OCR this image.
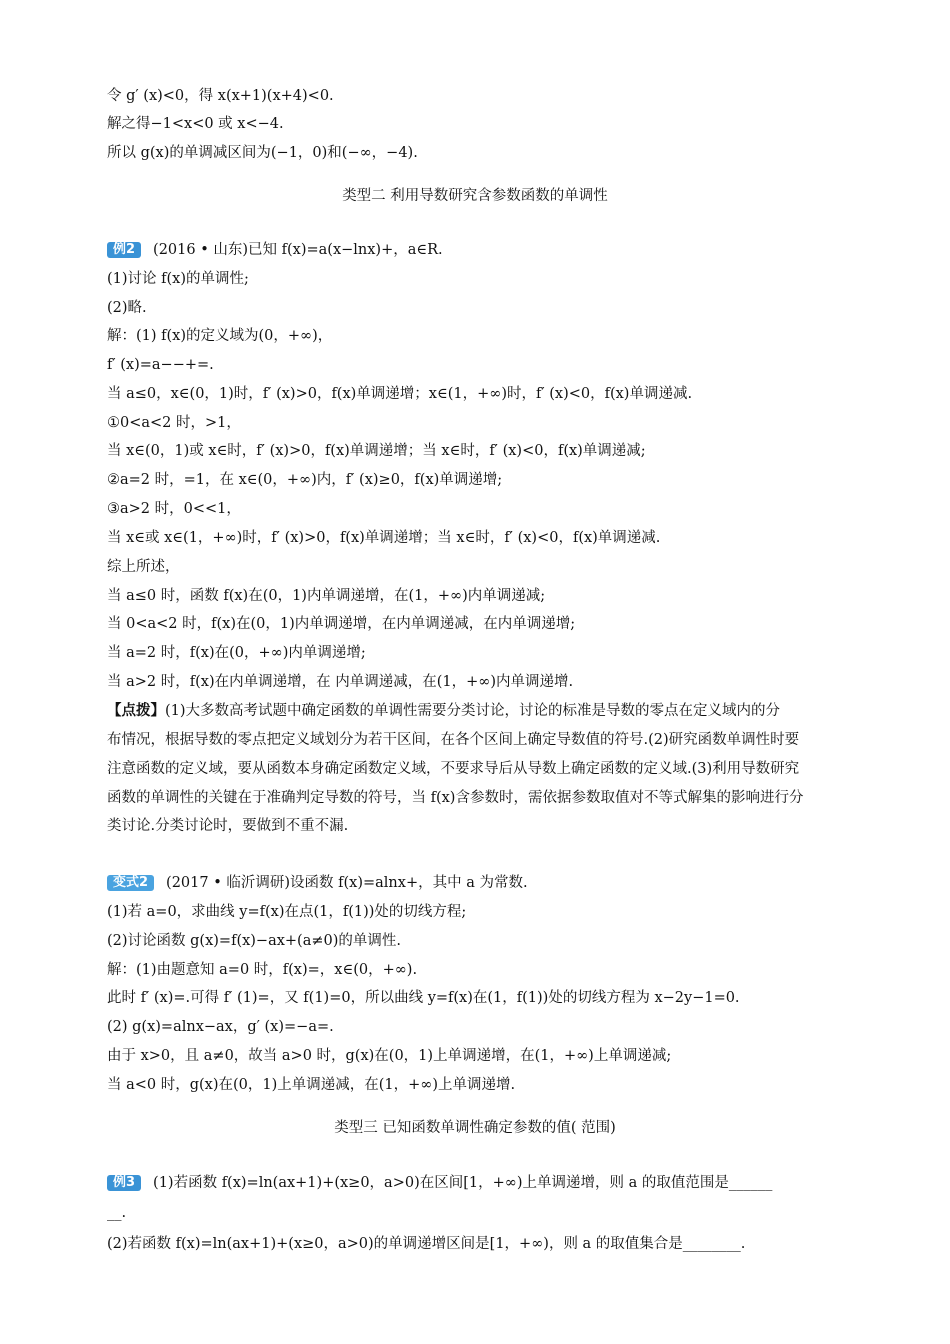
令 g′ (x)<0，得 x(x+1)(x+4)<0.
解之得−1<x<0 或 x<−4.
所以 g(x)的单调减区间为(−1，0)和(−∞，−4).
类型二 利用导数研究含参数函数的单调性
例2 (2016 • 山东)已知 f(x)=a(x−lnx)+，a∈R.
(1)讨论 f(x)的单调性;
(2)略.
解：(1) f(x)的定义域为(0，+∞)，
f′ (x)=a−−+=.
当 a≤0，x∈(0，1)时，f′ (x)>0，f(x)单调递增；x∈(1，+∞)时，f′ (x)<0，f(x)单调递减.
①0<a<2 时，>1，
当 x∈(0，1)或 x∈时，f′ (x)>0，f(x)单调递增；当 x∈时，f′ (x)<0，f(x)单调递减;
②a=2 时，=1，在 x∈(0，+∞)内，f′ (x)≥0，f(x)单调递增;
③a>2 时，0<<1，
当 x∈或 x∈(1，+∞)时，f′ (x)>0，f(x)单调递增；当 x∈时，f′ (x)<0，f(x)单调递减.
综上所述，
当 a≤0 时，函数 f(x)在(0，1)内单调递增，在(1，+∞)内单调递减;
当 0<a<2 时，f(x)在(0，1)内单调递增，在内单调递减，在内单调递增;
当 a=2 时，f(x)在(0，+∞)内单调递增;
当 a>2 时，f(x)在内单调递增，在 内单调递减，在(1，+∞)内单调递增.
【点拨】(1)大多数高考试题中确定函数的单调性需要分类讨论，讨论的标准是导数的零点在定义域内的分
布情况，根据导数的零点把定义域划分为若干区间，在各个区间上确定导数值的符号.(2)研究函数单调性时要
注意函数的定义域，要从函数本身确定函数定义域，不要求导后从导数上确定函数的定义域.(3)利用导数研究
函数的单调性的关键在于准确判定导数的符号，当 f(x)含参数时，需依据参数取值对不等式解集的影响进行分
类讨论.分类讨论时，要做到不重不漏.
变式2 (2017 • 临沂调研)设函数 f(x)=alnx+，其中 a 为常数.
(1)若 a=0，求曲线 y=f(x)在点(1，f(1))处的切线方程;
(2)讨论函数 g(x)=f(x)−ax+(a≠0)的单调性.
解：(1)由题意知 a=0 时，f(x)=，x∈(0，+∞).
此时 f′ (x)=.可得 f′ (1)=，又 f(1)=0，所以曲线 y=f(x)在(1，f(1))处的切线方程为 x−2y−1=0.
(2) g(x)=alnx−ax，g′ (x)=−a=.
由于 x>0，且 a≠0，故当 a>0 时，g(x)在(0，1)上单调递增，在(1，+∞)上单调递减;
当 a<0 时，g(x)在(0，1)上单调递减，在(1，+∞)上单调递增.
类型三 已知函数单调性确定参数的值( 范围)
例3 (1)若函数 f(x)=ln(ax+1)+(x≥0，a>0)在区间[1，+∞)上单调递增，则 a 的取值范围是______
__.
(2)若函数 f(x)=ln(ax+1)+(x≥0，a>0)的单调递增区间是[1，+∞)，则 a 的取值集合是________.
